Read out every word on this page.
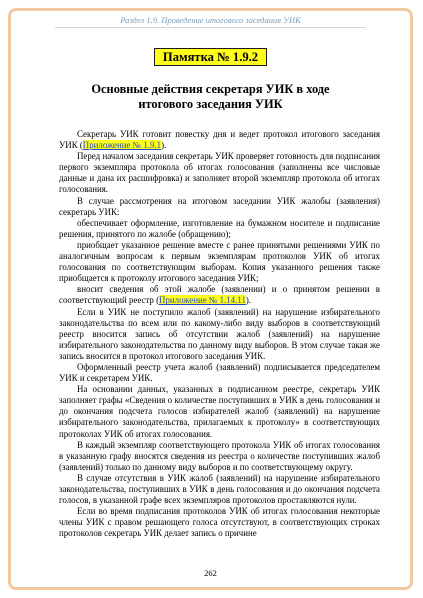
Раздел 1.9. Проведение итогового заседания УИК
Памятка № 1.9.2
Основные действия секретаря УИК в ходе
итогового заседания УИК

Секретарь УИК готовит повестку дня и ведет протокол итогового заседания УИК (Приложение № 1.9.1).

Перед началом заседания секретарь УИК проверяет готовность для подписания первого экземпляра протокола об итогах голосования (заполнены все числовые данные и дана их расшифровка) и заполняет второй экземпляр протокола об итогах голосования.

В случае рассмотрения на итоговом заседании УИК жалобы (заявления) секретарь УИК:

обеспечивает оформление, изготовление на бумажном носителе и подписание решения, принятого по жалобе (обращению);

приобщает указанное решение вместе с ранее принятыми решениями УИК по аналогичным вопросам к первым экземплярам протоколов УИК об итогах голосования по соответствующим выборам. Копия указанного решения также приобщается к протоколу итогового заседания УИК;

вносит сведения об этой жалобе (заявлении) и о принятом решении в соответствующий реестр (Приложение № 1.14.11).

Если в УИК не поступило жалоб (заявлений) на нарушение избирательного законодательства по всем или по какому-либо виду выборов в соответствующий реестр вносится запись об отсутствии жалоб (заявлений) на нарушение избирательного законодательства по данному виду выборов. В этом случае такая же запись вносится в протокол итогового заседания УИК.

Оформленный реестр учета жалоб (заявлений) подписывается председателем УИК и секретарем УИК.

На основании данных, указанных в подписанном реестре, секретарь УИК заполняет графы «Сведения о количестве поступивших в УИК в день голосования и до окончания подсчета голосов избирателей жалоб (заявлений) на нарушение избирательного законодательства, прилагаемых к протоколу» в соответствующих протоколах УИК об итогах голосования.

В каждый экземпляр соответствующего протокола УИК об итогах голосования в указанную графу вносятся сведения из реестра о количестве поступивших жалоб (заявлений) только по данному виду выборов и по соответствующему округу.

В случае отсутствия в УИК жалоб (заявлений) на нарушение избирательного законодательства, поступивших в УИК в день голосования и до окончания подсчета голосов, в указанной графе всех экземпляров протоколов проставляются нули.

Если во время подписания протоколов УИК об итогах голосования некоторые члены УИК с правом решающего голоса отсутствуют, в соответствующих строках протоколов секретарь УИК делает запись о причине

262
